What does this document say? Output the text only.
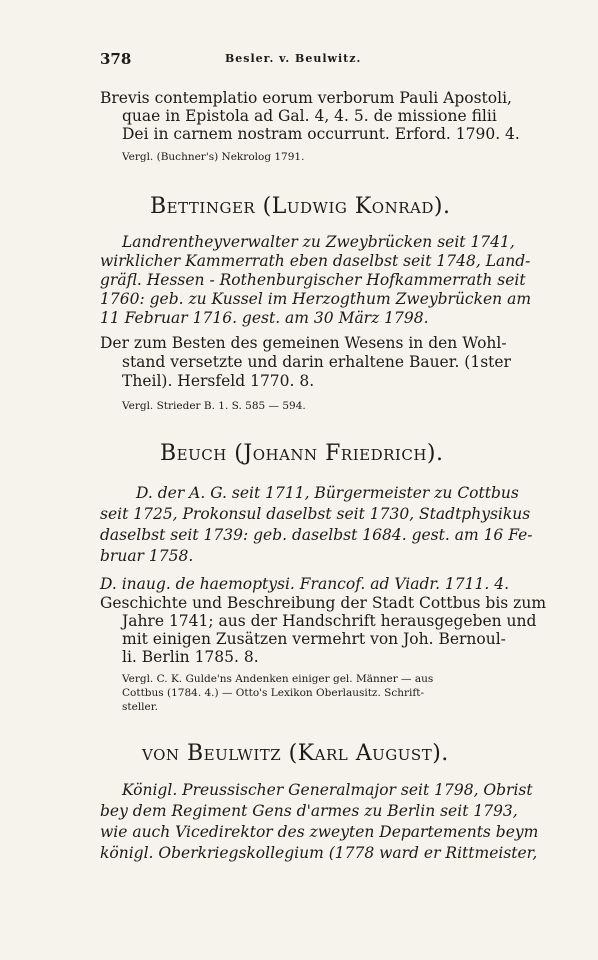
378	Besler. v. Beulwitz.
Brevis contemplatio eorum verborum Pauli Apostoli,
quae in Epistola ad Gal. 4, 4. 5. de missione filii
Dei in carnem nostram occurrunt. Erford. 1790. 4.
Vergl. (Buchner's) Nekrolog 1791.
Bettinger (Ludwig Konrad).
Landrentheyverwalter zu Zweybrücken seit 1741,
wirklicher Kammerrath eben daselbst seit 1748, Land-
gräfl. Hessen - Rothenburgischer Hofkammerrath seit
1760: geb. zu Kussel im Herzogthum Zweybrücken am
11 Februar 1716. gest. am 30 März 1798.
Der zum Besten des gemeinen Wesens in den Wohl-
stand versetzte und darin erhaltene Bauer. (1ster
Theil). Hersfeld 1770. 8.
Vergl. Strieder B. 1. S. 585 — 594.
Beuch (Johann Friedrich).
D. der A. G. seit 1711, Bürgermeister zu Cottbus
seit 1725, Prokonsul daselbst seit 1730, Stadtphysikus
daselbst seit 1739: geb. daselbst 1684. gest. am 16 Fe-
bruar 1758.
D. inaug. de haemoptysi. Francof. ad Viadr. 1711. 4.
Geschichte und Beschreibung der Stadt Cottbus bis zum
Jahre 1741; aus der Handschrift herausgegeben und
mit einigen Zusätzen vermehrt von Joh. Bernoul-
li. Berlin 1785. 8.
Vergl. C. K. Gulde'ns Andenken einiger gel. Männer — aus
Cottbus (1784. 4.) — Otto's Lexikon Oberlausitz. Schrift-
steller.
von Beulwitz (Karl August).
Königl. Preussischer Generalmajor seit 1798, Obrist
bey dem Regiment Gens d'armes zu Berlin seit 1793,
wie auch Vicedirektor des zweyten Departements beym
königl. Oberkriegskollegium (1778 ward er Rittmeister,
